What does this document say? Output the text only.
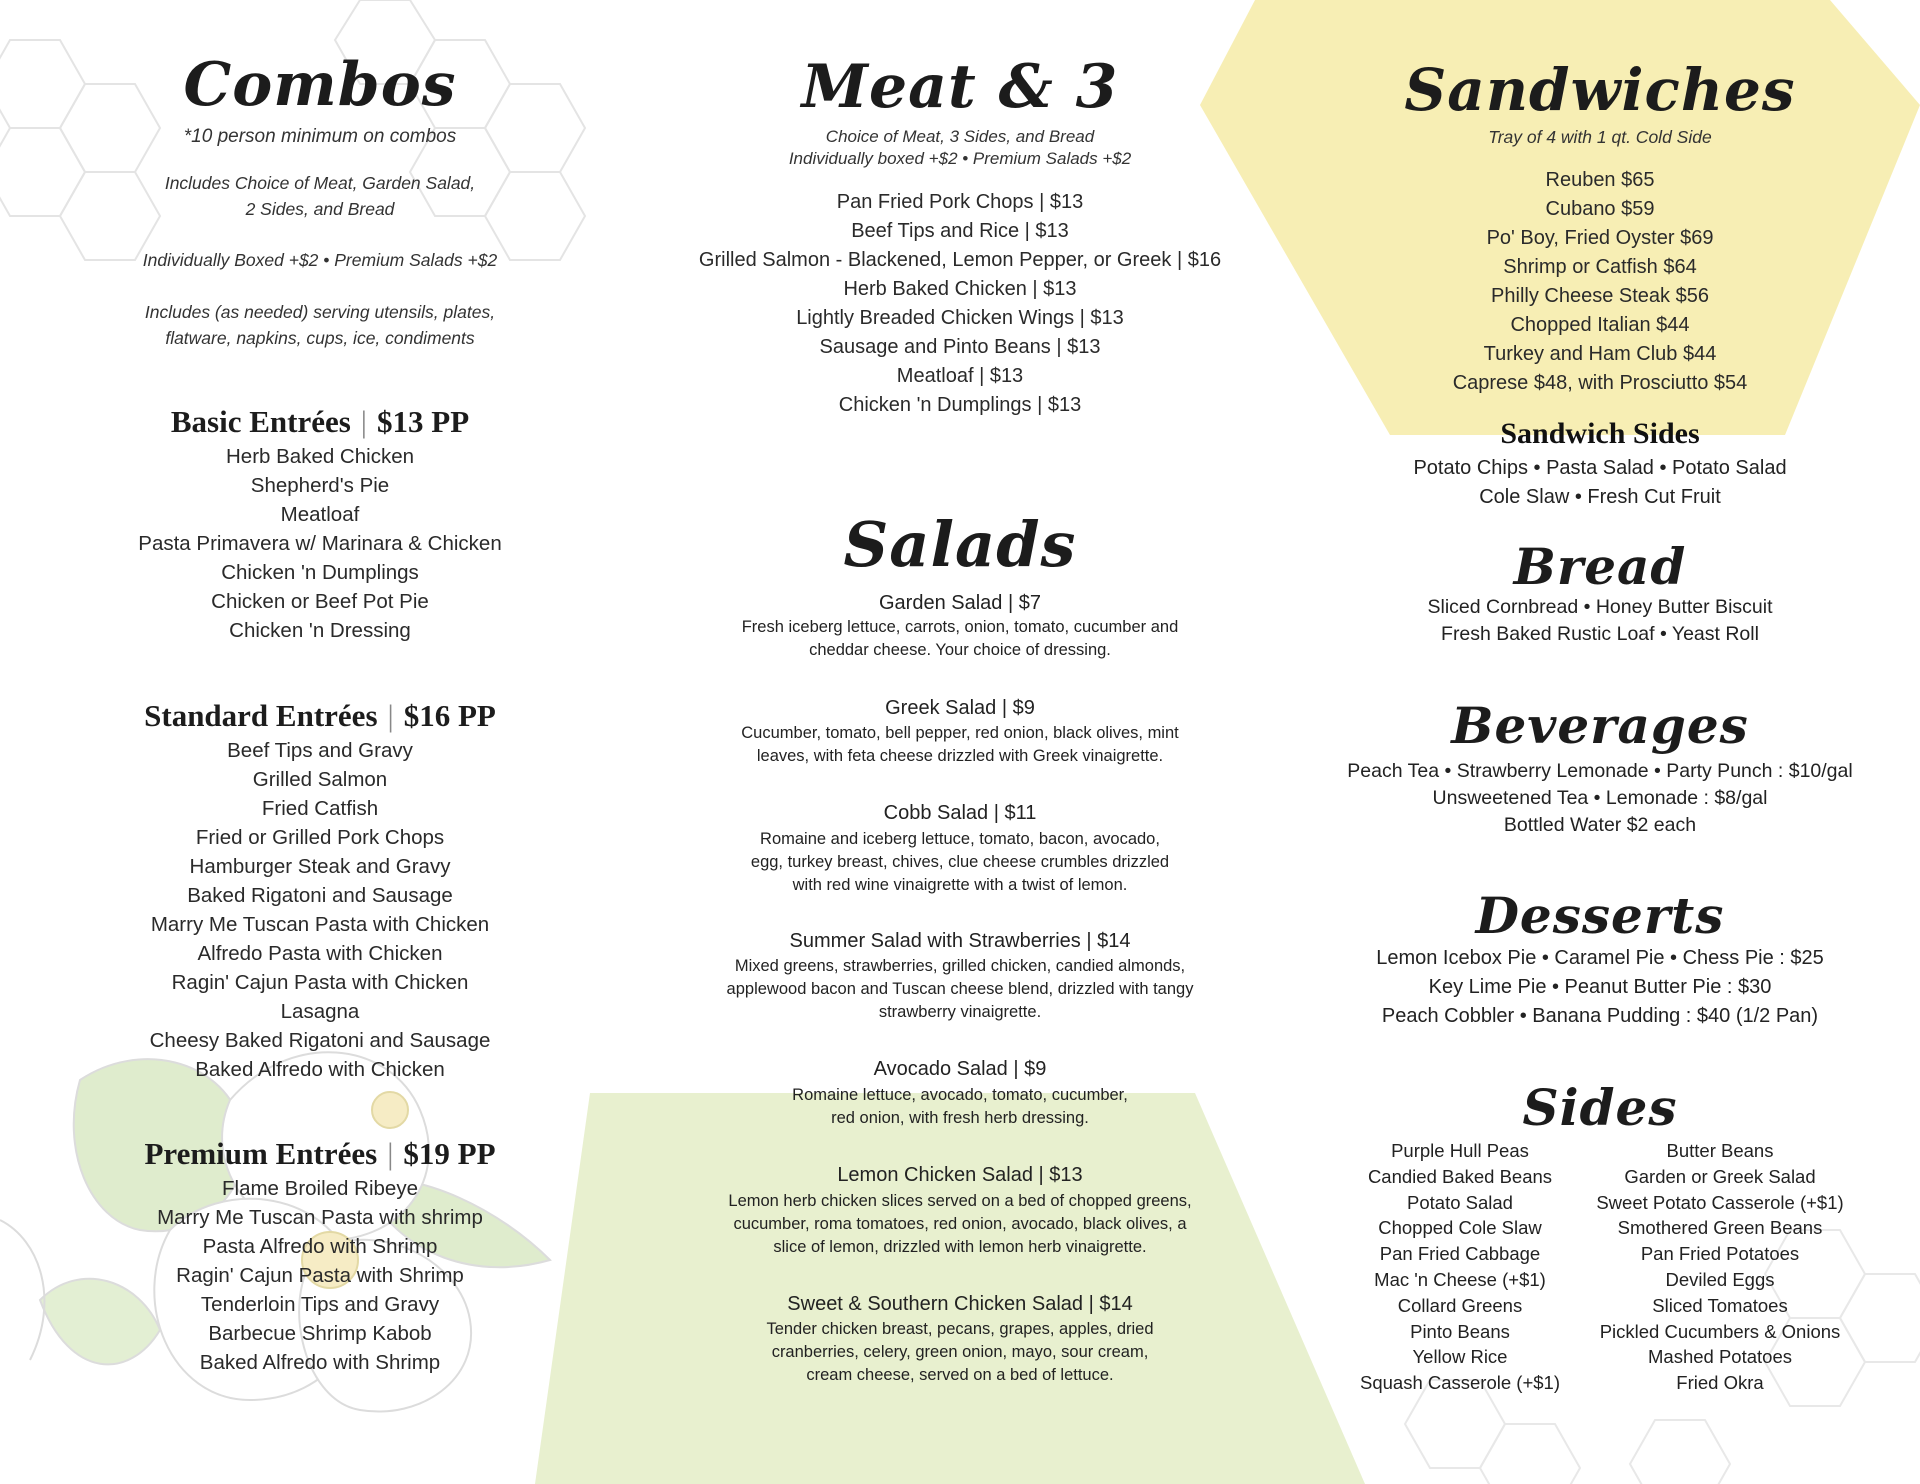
Combos
*10 person minimum on combos
Includes Choice of Meat, Garden Salad,
2 Sides, and Bread
Individually Boxed +$2 • Premium Salads +$2
Includes (as needed) serving utensils, plates,
flatware, napkins, cups, ice, condiments
Basic Entrées | $13 PP
Herb Baked Chicken
Shepherd's Pie
Meatloaf
Pasta Primavera w/ Marinara & Chicken
Chicken 'n Dumplings
Chicken or Beef Pot Pie
Chicken 'n Dressing
Standard Entrées | $16 PP
Beef Tips and Gravy
Grilled Salmon
Fried Catfish
Fried or Grilled Pork Chops
Hamburger Steak and Gravy
Baked Rigatoni and Sausage
Marry Me Tuscan Pasta with Chicken
Alfredo Pasta with Chicken
Ragin' Cajun Pasta with Chicken
Lasagna
Cheesy Baked Rigatoni and Sausage
Baked Alfredo with Chicken
Premium Entrées | $19 PP
Flame Broiled Ribeye
Marry Me Tuscan Pasta with shrimp
Pasta Alfredo with Shrimp
Ragin' Cajun Pasta with Shrimp
Tenderloin Tips and Gravy
Barbecue Shrimp Kabob
Baked Alfredo with Shrimp
Meat & 3
Choice of Meat, 3 Sides, and Bread
Individually boxed +$2 • Premium Salads +$2
Pan Fried Pork Chops | $13
Beef Tips and Rice | $13
Grilled Salmon - Blackened, Lemon Pepper, or Greek | $16
Herb Baked Chicken | $13
Lightly Breaded Chicken Wings | $13
Sausage and Pinto Beans | $13
Meatloaf | $13
Chicken 'n Dumplings | $13
Salads
Garden Salad | $7
Fresh iceberg lettuce, carrots, onion, tomato, cucumber and
cheddar cheese. Your choice of dressing.
Greek Salad | $9
Cucumber, tomato, bell pepper, red onion, black olives, mint
leaves, with feta cheese drizzled with Greek vinaigrette.
Cobb Salad | $11
Romaine and iceberg lettuce, tomato, bacon, avocado,
egg, turkey breast, chives, clue cheese crumbles drizzled
with red wine vinaigrette with a twist of lemon.
Summer Salad with Strawberries | $14
Mixed greens, strawberries, grilled chicken, candied almonds,
applewood bacon and Tuscan cheese blend, drizzled with tangy
strawberry vinaigrette.
Avocado Salad | $9
Romaine lettuce, avocado, tomato, cucumber,
red onion, with fresh herb dressing.
Lemon Chicken Salad | $13
Lemon herb chicken slices served on a bed of chopped greens,
cucumber, roma tomatoes, red onion, avocado, black olives, a
slice of lemon, drizzled with lemon herb vinaigrette.
Sweet & Southern Chicken Salad | $14
Tender chicken breast, pecans, grapes, apples, dried
cranberries, celery, green onion, mayo, sour cream,
cream cheese, served on a bed of lettuce.
Sandwiches
Tray of 4 with 1 qt. Cold Side
Reuben $65
Cubano $59
Po' Boy, Fried Oyster $69
Shrimp or Catfish $64
Philly Cheese Steak $56
Chopped Italian $44
Turkey and Ham Club $44
Caprese $48, with Prosciutto $54
Sandwich Sides
Potato Chips • Pasta Salad • Potato Salad
Cole Slaw • Fresh Cut Fruit
Bread
Sliced Cornbread • Honey Butter Biscuit
Fresh Baked Rustic Loaf • Yeast Roll
Beverages
Peach Tea • Strawberry Lemonade • Party Punch : $10/gal
Unsweetened Tea • Lemonade : $8/gal
Bottled Water $2 each
Desserts
Lemon Icebox Pie • Caramel Pie • Chess Pie : $25
Key Lime Pie • Peanut Butter Pie : $30
Peach Cobbler • Banana Pudding : $40 (1/2 Pan)
Sides
Purple Hull Peas
Candied Baked Beans
Potato Salad
Chopped Cole Slaw
Pan Fried Cabbage
Mac 'n Cheese (+$1)
Collard Greens
Pinto Beans
Yellow Rice
Squash Casserole (+$1)
Butter Beans
Garden or Greek Salad
Sweet Potato Casserole (+$1)
Smothered Green Beans
Pan Fried Potatoes
Deviled Eggs
Sliced Tomatoes
Pickled Cucumbers & Onions
Mashed Potatoes
Fried Okra
